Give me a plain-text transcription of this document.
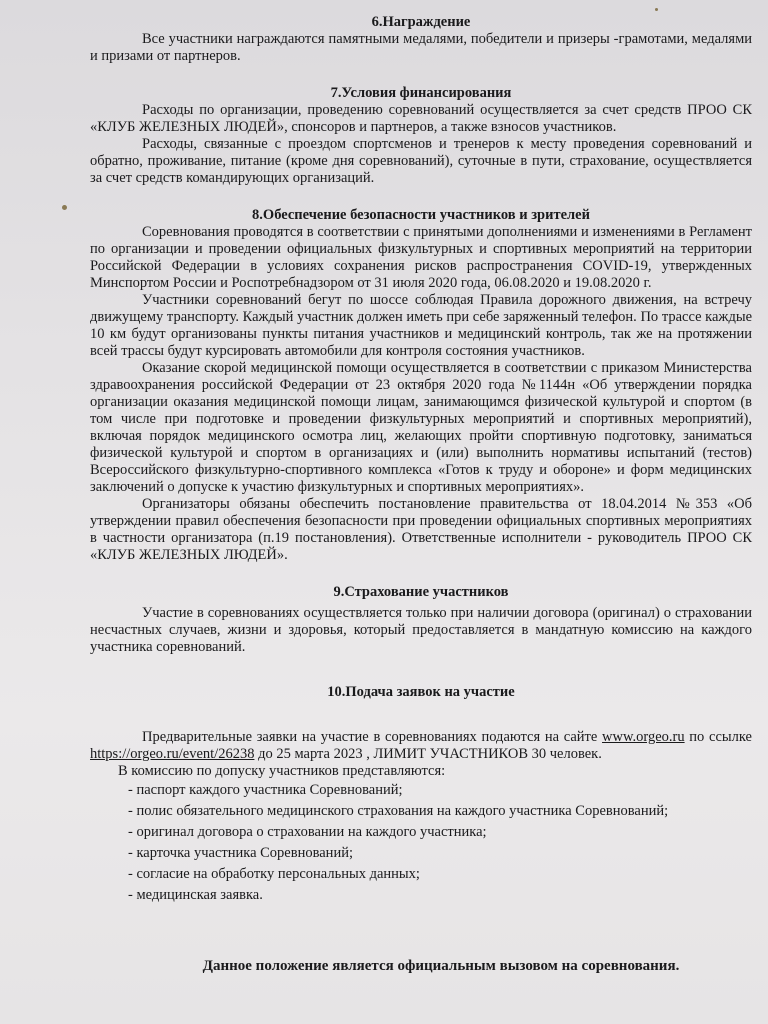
6.Награждение

Все участники награждаются памятными медалями, победители и призеры -грамотами, медалями и призами от партнеров.

7.Условия финансирования

Расходы по организации, проведению соревнований осуществляется за счет средств ПРОО СК «КЛУБ ЖЕЛЕЗНЫХ ЛЮДЕЙ», спонсоров и партнеров, а также взносов участников.

Расходы, связанные с проездом спортсменов и тренеров к месту проведения соревнований и обратно, проживание, питание (кроме дня соревнований), суточные в пути, страхование, осуществляется за счет средств командирующих организаций.

8.Обеспечение безопасности участников и зрителей

Соревнования проводятся в соответствии с принятыми дополнениями и изменениями в Регламент по организации и проведении официальных физкультурных и спортивных мероприятий на территории Российской Федерации в условиях сохранения рисков распространения COVID-19, утвержденных Минспортом России и Роспотребнадзором от 31 июля 2020 года, 06.08.2020 и 19.08.2020 г.

Участники соревнований бегут по шоссе соблюдая Правила дорожного движения, на встречу движущему транспорту. Каждый участник должен иметь при себе заряженный телефон. По трассе каждые 10 км будут организованы пункты питания участников и медицинский контроль, так же на протяжении всей трассы будут курсировать автомобили для контроля состояния участников.

Оказание скорой медицинской помощи осуществляется в соответствии с приказом Министерства здравоохранения российской Федерации от 23 октября 2020 года №1144н «Об утверждении порядка организации оказания медицинской помощи лицам, занимающимся физической культурой и спортом (в том числе при подготовке и проведении физкультурных мероприятий и спортивных мероприятий), включая порядок медицинского осмотра лиц, желающих пройти спортивную подготовку, заниматься физической культурой и спортом в организациях и (или) выполнить нормативы испытаний (тестов) Всероссийского физкультурно-спортивного комплекса «Готов к труду и обороне» и форм медицинских заключений о допуске к участию физкультурных и спортивных мероприятиях».

Организаторы обязаны обеспечить постановление правительства от 18.04.2014 №353 «Об утверждении правил обеспечения безопасности при проведении официальных спортивных мероприятиях в частности организатора (п.19 постановления). Ответственные исполнители - руководитель ПРОО СК «КЛУБ ЖЕЛЕЗНЫХ ЛЮДЕЙ».

9.Страхование участников

Участие в соревнованиях осуществляется только при наличии договора (оригинал) о страховании несчастных случаев, жизни и здоровья, который предоставляется в мандатную комиссию на каждого участника соревнований.

10.Подача заявок на участие

Предварительные заявки на участие в соревнованиях подаются на сайте www.orgeo.ru по ссылке https://orgeo.ru/event/26238 до 25 марта 2023 , ЛИМИТ УЧАСТНИКОВ 30 человек.

В комиссию по допуску участников представляются:

- паспорт каждого участника Соревнований;
- полис обязательного медицинского страхования на каждого участника Соревнований;
- оригинал договора о страховании на каждого участника;
- карточка участника Соревнований;
- согласие на обработку персональных данных;
- медицинская заявка.

Данное положение является официальным вызовом на соревнования.
